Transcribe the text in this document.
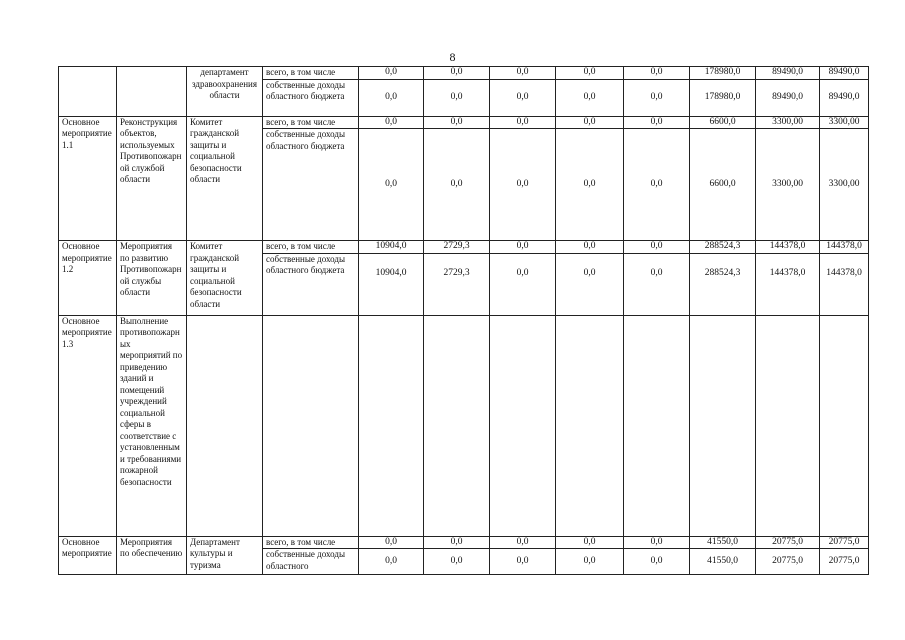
8
		департамент здравоохранения области	всего, в том числе	0,0	0,0	0,0	0,0	0,0	178980,0	89490,0	89490,0
			собственные доходы областного бюджета	0,0	0,0	0,0	0,0	0,0	178980,0	89490,0	89490,0
Основное мероприятие 1.1	Реконструкция объектов, используемых Противопожарной службой области	Комитет гражданской защиты и социальной безопасности области	всего, в том числе	0,0	0,0	0,0	0,0	0,0	6600,0	3300,00	3300,00
			собственные доходы областного бюджета	0,0	0,0	0,0	0,0	0,0	6600,0	3300,00	3300,00
Основное мероприятие 1.2	Мероприятия по развитию Противопожарной службы области	Комитет гражданской защиты и социальной безопасности области	всего, в том числе	10904,0	2729,3	0,0	0,0	0,0	288524,3	144378,0	144378,0
			собственные доходы областного бюджета	10904,0	2729,3	0,0	0,0	0,0	288524,3	144378,0	144378,0
Основное мероприятие 1.3	Выполнение противопожарных мероприятий по приведению зданий и помещений учреждений социальной сферы в соответствие с установленными требованиями пожарной безопасности										
Основное мероприятие	Мероприятия по обеспечению	Департамент культуры и туризма	всего, в том числе	0,0	0,0	0,0	0,0	0,0	41550,0	20775,0	20775,0
			собственные доходы областного	0,0	0,0	0,0	0,0	0,0	41550,0	20775,0	20775,0
